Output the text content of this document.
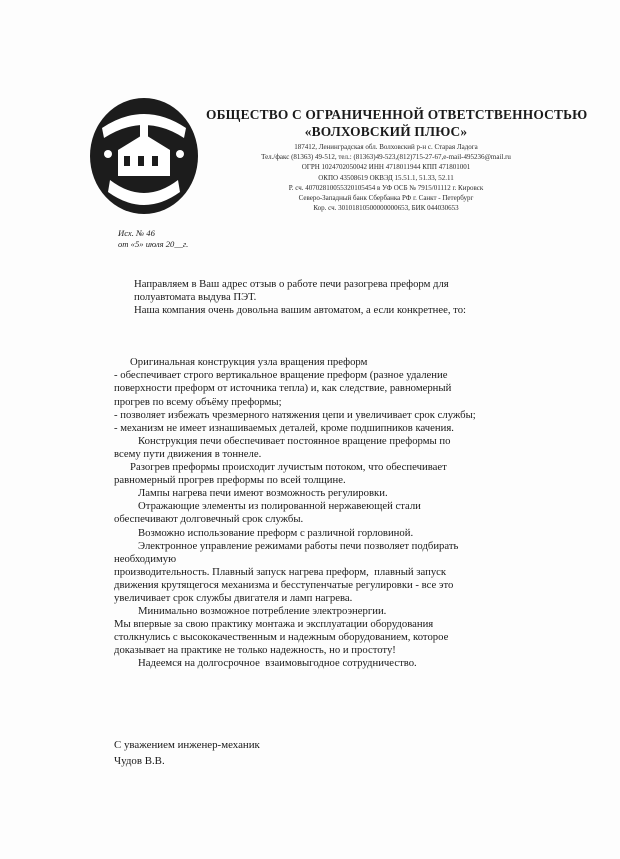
ОБЩЕСТВО С ОГРАНИЧЕННОЙ ОТВЕТСТВЕННОСТЬЮ
«ВОЛХОВСКИЙ ПЛЮС»
187412, Ленинградская обл. Волховский р-н с. Старая Ладога
Тел./факс (81363) 49-512, тел.: (81363)49-523,(812)715-27-67,e-mail-495236@mail.ru
ОГРН 1024702050042 ИНН 4718011944 КПП 471801001
ОКПО 43508619 ОКВЭД 15.51.1, 51.33, 52.11
Р. сч. 40702810055320105454 в УФ ОСБ № 7915/01112 г. Кировск
Северо-Западный банк Сбербанка РФ г. Санкт - Петербург
Кор. сч. 30101810500000000653, БИК 044030653
Исх. № 46
от «5» июля 20__г.
Направляем в Ваш адрес отзыв о работе печи разогрева преформ для
полуавтомата выдува ПЭТ.
Наша компания очень довольна вашим автоматом, а если конкретнее, то:
Оригинальная конструкция узла вращения преформ
- обеспечивает строго вертикальное вращение преформ (разное удаление
поверхности преформ от источника тепла) и, как следствие, равномерный
прогрев по всему объёму преформы;
- позволяет избежать чрезмерного натяжения цепи и увеличивает срок службы;
- механизм не имеет изнашиваемых деталей, кроме подшипников качения.
Конструкция печи обеспечивает постоянное вращение преформы по
всему пути движения в тоннеле.
Разогрев преформы происходит лучистым потоком, что обеспечивает
равномерный прогрев преформы по всей толщине.
Лампы нагрева печи имеют возможность регулировки.
Отражающие элементы из полированной нержавеющей стали
обеспечивают долговечный срок службы.
Возможно использование преформ с различной горловиной.
Электронное управление режимами работы печи позволяет подбирать
необходимую
производительность. Плавный запуск нагрева преформ,  плавный запуск
движения крутящегося механизма и бесступенчатые регулировки - все это
увеличивает срок службы двигателя и ламп нагрева.
Минимально возможное потребление электроэнергии.
Мы впервые за свою практику монтажа и эксплуатации оборудования
столкнулись с высококачественным и надежным оборудованием, которое
доказывает на практике не только надежность, но и простоту!
Надеемся на долгосрочное  взаимовыгодное сотрудничество.
С уважением инженер-механик
Чудов В.В.
